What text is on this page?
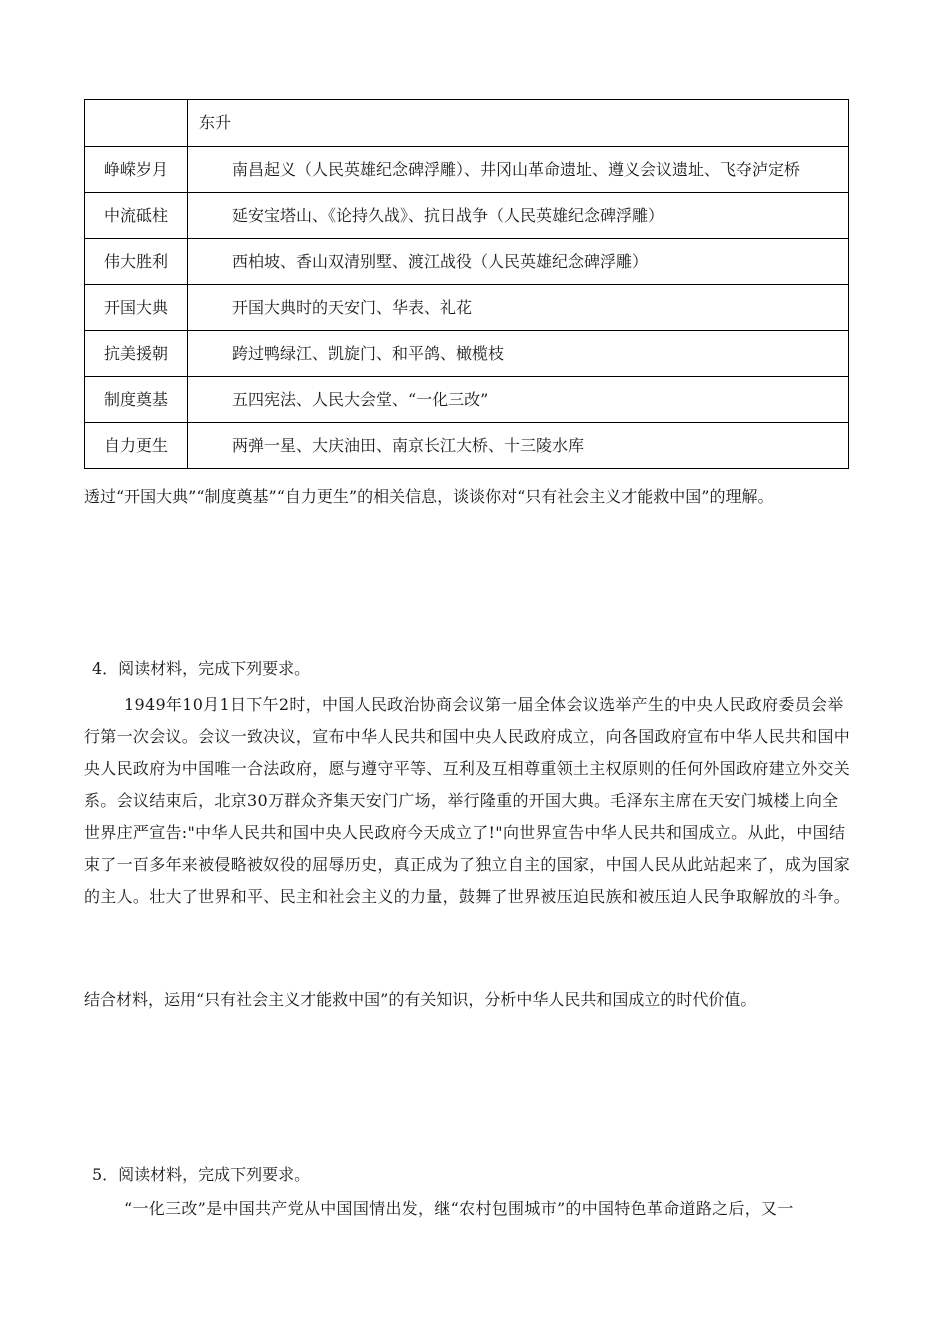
	东升
峥嵘岁月	南昌起义（人民英雄纪念碑浮雕）、井冈山革命遗址、遵义会议遗址、飞夺泸定桥
中流砥柱	延安宝塔山、《论持久战》、抗日战争（人民英雄纪念碑浮雕）
伟大胜利	西柏坡、香山双清别墅、渡江战役（人民英雄纪念碑浮雕）
开国大典	开国大典时的天安门、华表、礼花
抗美援朝	跨过鸭绿江、凯旋门、和平鸽、橄榄枝
制度奠基	五四宪法、人民大会堂、“一化三改”
自力更生	两弹一星、大庆油田、南京长江大桥、十三陵水库
透过“开国大典”“制度奠基”“自力更生”的相关信息，谈谈你对“只有社会主义才能救中国”的理解。
4．阅读材料，完成下列要求。
1949年10月1日下午2时，中国人民政治协商会议第一届全体会议选举产生的中央人民政府委员会举行第一次会议。会议一致决议，宣布中华人民共和国中央人民政府成立，向各国政府宣布中华人民共和国中央人民政府为中国唯一合法政府，愿与遵守平等、互利及互相尊重领土主权原则的任何外国政府建立外交关系。会议结束后，北京30万群众齐集天安门广场，举行隆重的开国大典。毛泽东主席在天安门城楼上向全世界庄严宣告:"中华人民共和国中央人民政府今天成立了!"向世界宣告中华人民共和国成立。从此，中国结束了一百多年来被侵略被奴役的屈辱历史，真正成为了独立自主的国家，中国人民从此站起来了，成为国家的主人。壮大了世界和平、民主和社会主义的力量，鼓舞了世界被压迫民族和被压迫人民争取解放的斗争。
结合材料，运用“只有社会主义才能救中国”的有关知识，分析中华人民共和国成立的时代价值。
5．阅读材料，完成下列要求。
“一化三改”是中国共产党从中国国情出发，继“农村包围城市”的中国特色革命道路之后，又一
